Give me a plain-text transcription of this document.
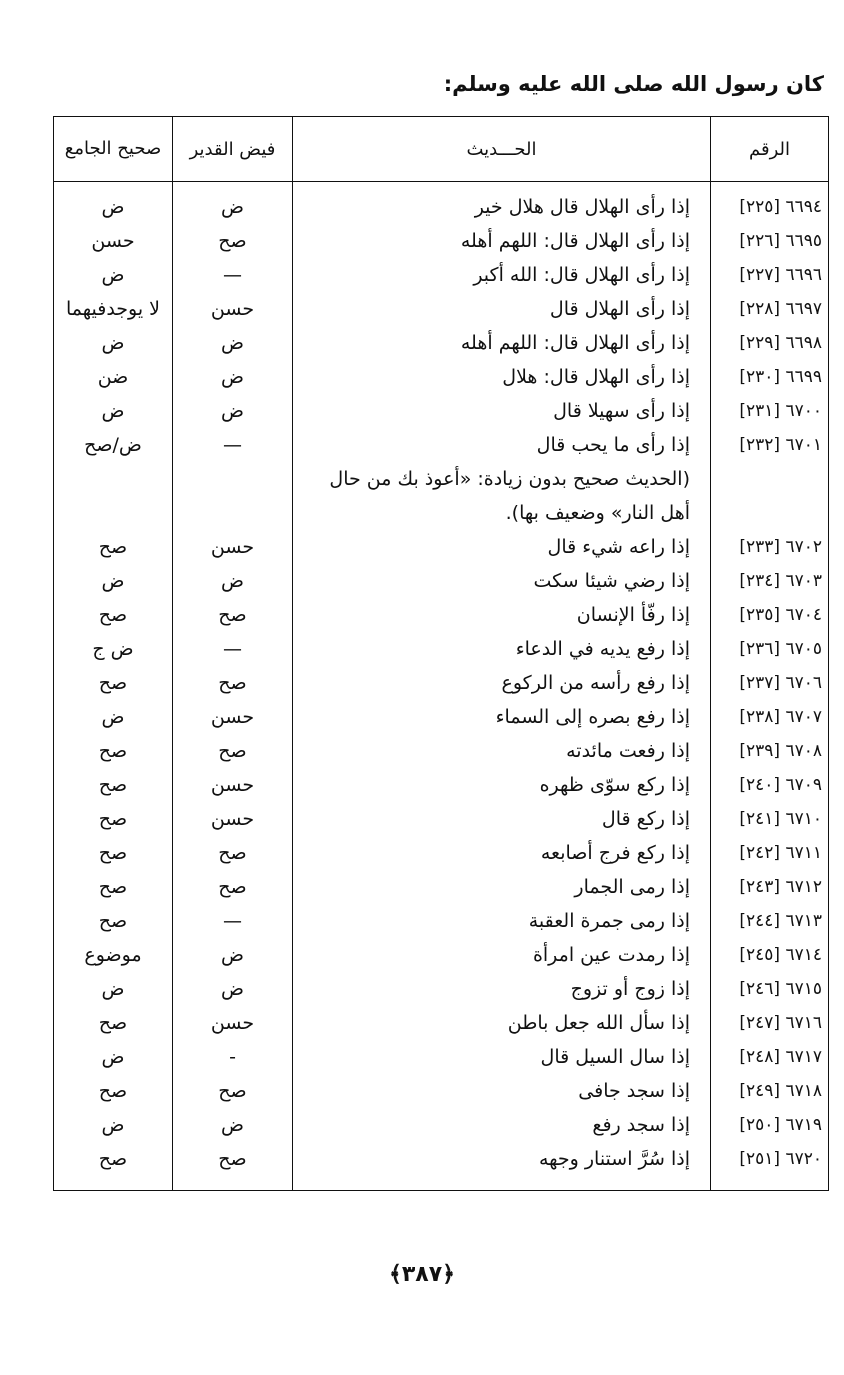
كان رسول الله صلى الله عليه وسلم:
الرقم	الحـــديث	فيض القدير	صحيح الجامع
٦٦٩٤ [٢٢٥]	إذا رأى الهلال قال هلال خير	ض	ض
٦٦٩٥ [٢٢٦]	إذا رأى الهلال قال: اللهم أهله	صح	حسن
٦٦٩٦ [٢٢٧]	إذا رأى الهلال قال: الله أكبر	—	ض
٦٦٩٧ [٢٢٨]	إذا رأى الهلال قال	حسن	لا يوجدفيهما
٦٦٩٨ [٢٢٩]	إذا رأى الهلال قال: اللهم أهله	ض	ض
٦٦٩٩ [٢٣٠]	إذا رأى الهلال قال: هلال	ض	ضن
٦٧٠٠ [٢٣١]	إذا رأى سهيلا قال	ض	ض
٦٧٠١ [٢٣٢]	إذا رأى ما يحب قال	—	ض/صح
	(الحديث صحيح بدون زيادة: «أعوذ بك من حال أهل النار» وضعيف بها).		
٦٧٠٢ [٢٣٣]	إذا راعه شيء قال	حسن	صح
٦٧٠٣ [٢٣٤]	إذا رضي شيئا سكت	ض	ض
٦٧٠٤ [٢٣٥]	إذا رفّأ الإنسان	صح	صح
٦٧٠٥ [٢٣٦]	إذا رفع يديه في الدعاء	—	ض ج
٦٧٠٦ [٢٣٧]	إذا رفع رأسه من الركوع	صح	صح
٦٧٠٧ [٢٣٨]	إذا رفع بصره إلى السماء	حسن	ض
٦٧٠٨ [٢٣٩]	إذا رفعت مائدته	صح	صح
٦٧٠٩ [٢٤٠]	إذا ركع سوّى ظهره	حسن	صح
٦٧١٠ [٢٤١]	إذا ركع قال	حسن	صح
٦٧١١ [٢٤٢]	إذا ركع فرج أصابعه	صح	صح
٦٧١٢ [٢٤٣]	إذا رمى الجمار	صح	صح
٦٧١٣ [٢٤٤]	إذا رمى جمرة العقبة	—	صح
٦٧١٤ [٢٤٥]	إذا رمدت عين امرأة	ض	موضوع
٦٧١٥ [٢٤٦]	إذا زوج أو تزوج	ض	ض
٦٧١٦ [٢٤٧]	إذا سأل الله جعل باطن	حسن	صح
٦٧١٧ [٢٤٨]	إذا سال السيل قال	-	ض
٦٧١٨ [٢٤٩]	إذا سجد جافى	صح	صح
٦٧١٩ [٢٥٠]	إذا سجد رفع	ض	ض
٦٧٢٠ [٢٥١]	إذا سُرَّ استنار وجهه	صح	صح
﴿٣٨٧﴾
